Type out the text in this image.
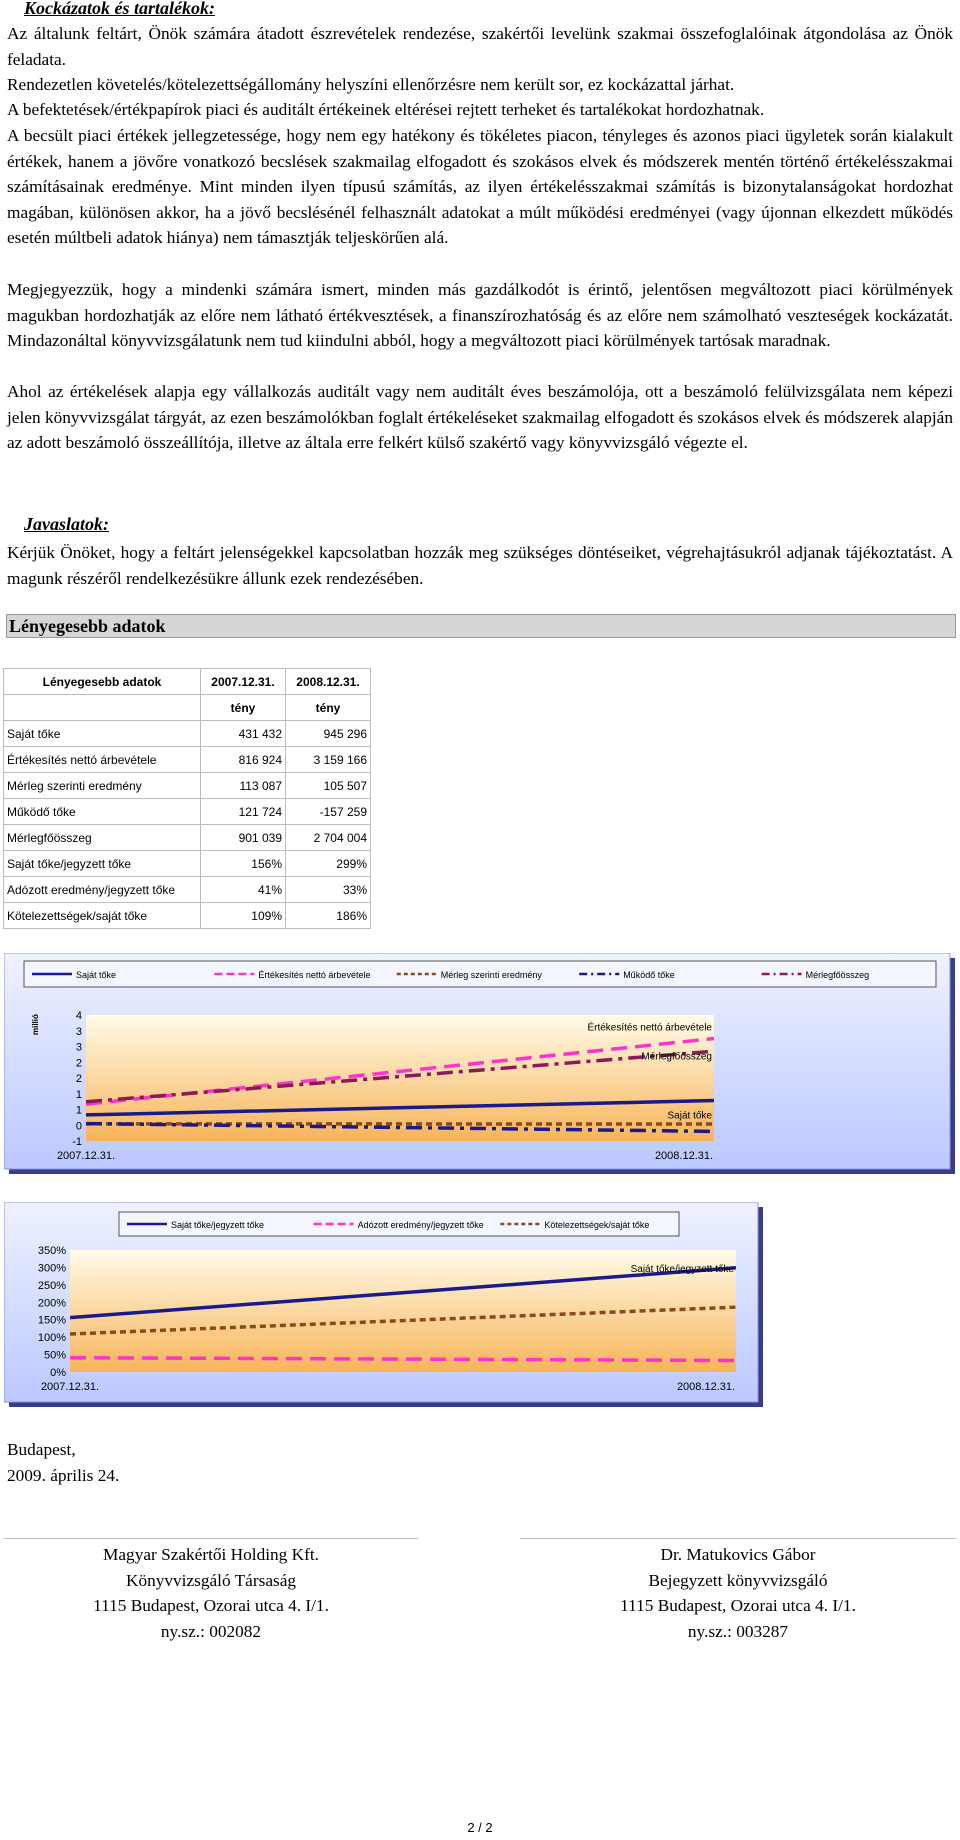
Kockázatok és tartalékok:

Az általunk feltárt, Önök számára átadott észrevételek rendezése, szakértői levelünk szakmai összefoglalóinak átgondolása az Önök feladata.

Rendezetlen követelés/kötelezettségállomány helyszíni ellenőrzésre nem került sor, ez kockázattal járhat.

A befektetések/értékpapírok piaci és auditált értékeinek eltérései rejtett terheket és tartalékokat hordozhatnak.

A becsült piaci értékek jellegzetessége, hogy nem egy hatékony és tökéletes piacon, tényleges és azonos piaci ügyletek során kialakult értékek, hanem a jövőre vonatkozó becslések szakmailag elfogadott és szokásos elvek és módszerek mentén történő értékelésszakmai számításainak eredménye. Mint minden ilyen típusú számítás, az ilyen értékelésszakmai számítás is bizonytalanságokat hordozhat magában, különösen akkor, ha a jövő becslésénél felhasznált adatokat a múlt működési eredményei (vagy újonnan elkezdett működés esetén múltbeli adatok hiánya) nem támasztják teljeskörűen alá.

Megjegyezzük, hogy a mindenki számára ismert, minden más gazdálkodót is érintő, jelentősen megváltozott piaci körülmények magukban hordozhatják az előre nem látható értékvesztések, a finanszírozhatóság és az előre nem számolható veszteségek kockázatát. Mindazonáltal könyvvizsgálatunk nem tud kiindulni abból, hogy a megváltozott piaci körülmények tartósak maradnak.

Ahol az értékelések alapja egy vállalkozás auditált vagy nem auditált éves beszámolója, ott a beszámoló felülvizsgálata nem képezi jelen könyvvizsgálat tárgyát, az ezen beszámolókban foglalt értékeléseket szakmailag elfogadott és szokásos elvek és módszerek alapján az adott beszámoló összeállítója, illetve az általa erre felkért külső szakértő vagy könyvvizsgáló végezte el.

Javaslatok:

Kérjük Önöket, hogy a feltárt jelenségekkel kapcsolatban hozzák meg szükséges döntéseiket, végrehajtásukról adjanak tájékoztatást. A magunk részéről rendelkezésükre állunk ezek rendezésében.

Lényegesebb adatok
Lényegesebb adatok	2007.12.31.	2008.12.31.
	tény	tény
Saját tőke	431 432	945 296
Értékesítés nettó árbevétele	816 924	3 159 166
Mérleg szerinti eredmény	113 087	105 507
Működő tőke	121 724	-157 259
Mérlegfőösszeg	901 039	2 704 004
Saját tőke/jegyzett tőke	156%	299%
Adózott eredmény/jegyzett tőke	41%	33%
Kötelezettségek/saját tőke	109%	186%
Saját tőke	Értékesítés nettó árbevétele	Mérleg szerinti eredmény	Működő tőke	Mérlegfőösszeg
4
3
3
2
2
1
1
0
-1
millió
2007.12.31.	2008.12.31.
Értékesítés nettó árbevétele
Mérlegfőösszeg
Saját tőke
Saját tőke/jegyzett tőke	Adózott eredmény/jegyzett tőke	Kötelezettségek/saját tőke
350%
300%
250%
200%
150%
100%
50%
0%
2007.12.31.	2008.12.31.
Saját tőke/jegyzett tőke
Budapest,
2009. április 24.
Magyar Szakértői Holding Kft.
Könyvvizsgáló Társaság
1115 Budapest, Ozorai utca 4. I/1.
ny.sz.: 002082
Dr. Matukovics Gábor
Bejegyzett könyvvizsgáló
1115 Budapest, Ozorai utca 4. I/1.
ny.sz.: 003287
2 / 2
